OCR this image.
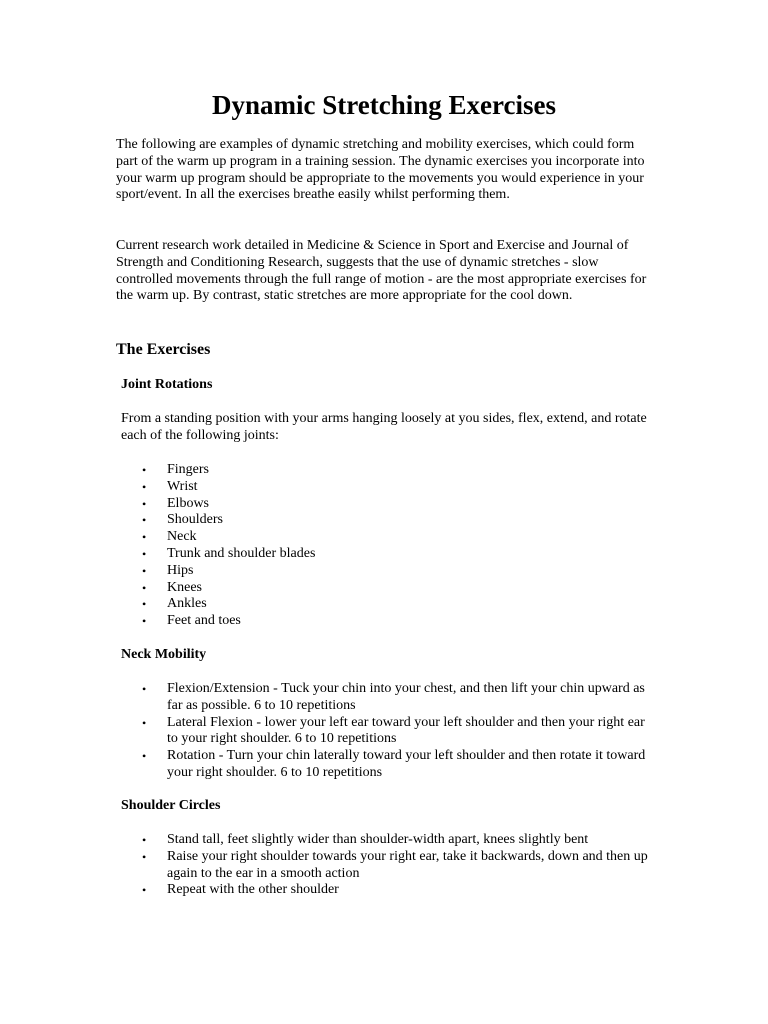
Dynamic Stretching Exercises

The following are examples of dynamic stretching and mobility exercises, which could form part of the warm up program in a training session. The dynamic exercises you incorporate into your warm up program should be appropriate to the movements you would experience in your sport/event. In all the exercises breathe easily whilst performing them.

Current research work detailed in Medicine & Science in Sport and Exercise and Journal of Strength and Conditioning Research, suggests that the use of dynamic stretches - slow controlled movements through the full range of motion - are the most appropriate exercises for the warm up. By contrast, static stretches are more appropriate for the cool down.

The Exercises
Joint Rotations

From a standing position with your arms hanging loosely at you sides, flex, extend, and rotate each of the following joints:

• Fingers
• Wrist
• Elbows
• Shoulders
• Neck
• Trunk and shoulder blades
• Hips
• Knees
• Ankles
• Feet and toes
Neck Mobility
• Flexion/Extension - Tuck your chin into your chest, and then lift your chin upward as far as possible. 6 to 10 repetitions
• Lateral Flexion - lower your left ear toward your left shoulder and then your right ear to your right shoulder. 6 to 10 repetitions
• Rotation - Turn your chin laterally toward your left shoulder and then rotate it toward your right shoulder. 6 to 10 repetitions
Shoulder Circles
• Stand tall, feet slightly wider than shoulder-width apart, knees slightly bent
• Raise your right shoulder towards your right ear, take it backwards, down and then up again to the ear in a smooth action
• Repeat with the other shoulder
